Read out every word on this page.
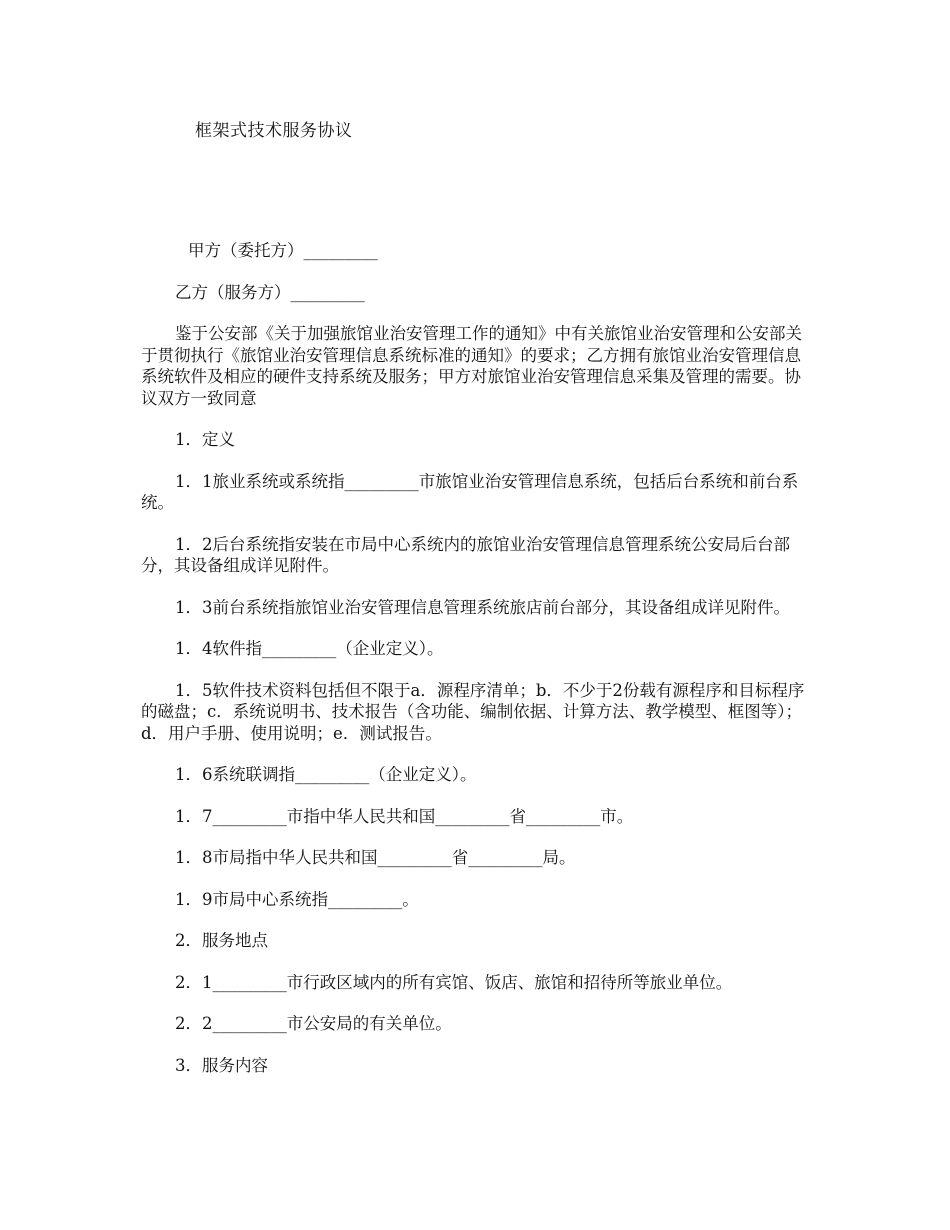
框架式技术服务协议

甲方（委托方）_________

乙方（服务方）_________

鉴于公安部《关于加强旅馆业治安管理工作的通知》中有关旅馆业治安管理和公安部关于贯彻执行《旅馆业治安管理信息系统标准的通知》的要求；乙方拥有旅馆业治安管理信息系统软件及相应的硬件支持系统及服务；甲方对旅馆业治安管理信息采集及管理的需要。协议双方一致同意

1．定义

1．1旅业系统或系统指_________市旅馆业治安管理信息系统，包括后台系统和前台系统。

1．2后台系统指安装在市局中心系统内的旅馆业治安管理信息管理系统公安局后台部分，其设备组成详见附件。

1．3前台系统指旅馆业治安管理信息管理系统旅店前台部分，其设备组成详见附件。

1．4软件指_________（企业定义）。

1．5软件技术资料包括但不限于a．源程序清单；b．不少于2份载有源程序和目标程序的磁盘；c．系统说明书、技术报告（含功能、编制依据、计算方法、教学模型、框图等）；d．用户手册、使用说明；e．测试报告。

1．6系统联调指_________（企业定义）。

1．7_________市指中华人民共和国_________省_________市。

1．8市局指中华人民共和国_________省_________局。

1．9市局中心系统指_________。

2．服务地点

2．1_________市行政区域内的所有宾馆、饭店、旅馆和招待所等旅业单位。

2．2_________市公安局的有关单位。

3．服务内容
